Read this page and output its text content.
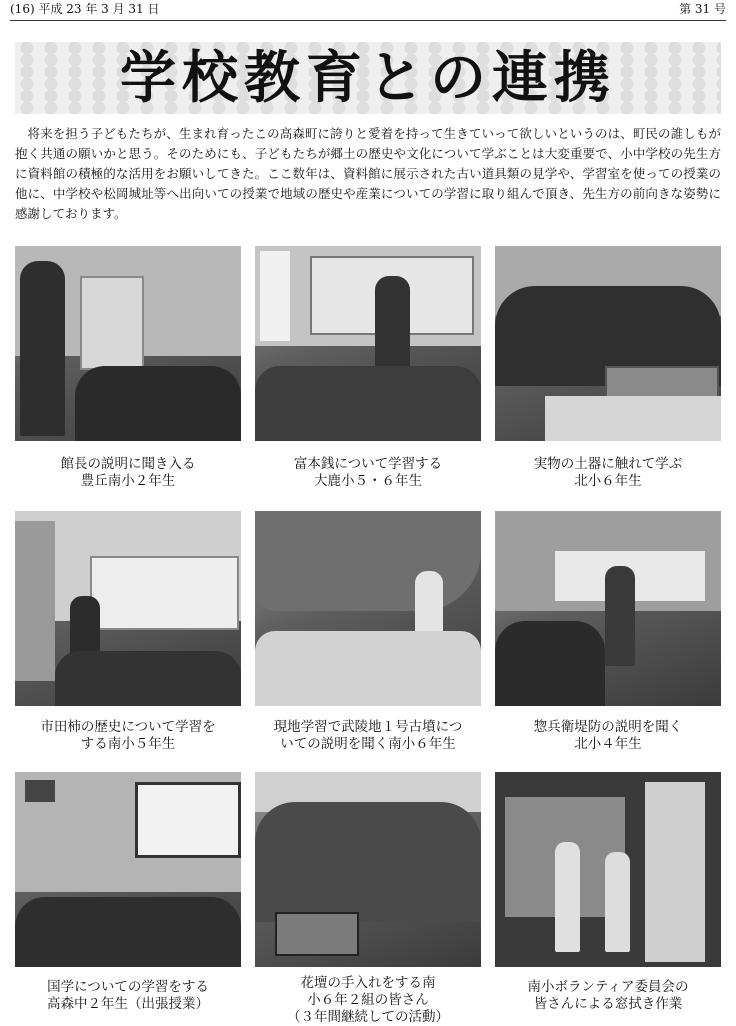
(16) 平成 23 年 3 月 31 日	第 31 号
学校教育との連携

将来を担う子どもたちが、生まれ育ったこの高森町に誇りと愛着を持って生きていって欲しいというのは、町民の誰しもが抱く共通の願いかと思う。そのためにも、子どもたちが郷土の歴史や文化について学ぶことは大変重要で、小中学校の先生方に資料館の積極的な活用をお願いしてきた。ここ数年は、資料館に展示された古い道具類の見学や、学習室を使っての授業の他に、中学校や松岡城址等へ出向いての授業で地域の歴史や産業についての学習に取り組んで頂き、先生方の前向きな姿勢に感謝しております。

館長の説明に聞き入る
豊丘南小２年生
富本銭について学習する
大鹿小５・６年生
実物の土器に触れて学ぶ
北小６年生
市田柿の歴史について学習を
する南小５年生
現地学習で武陵地１号古墳につ
いての説明を聞く南小６年生
惣兵衛堤防の説明を聞く
北小４年生
国学についての学習をする
高森中２年生（出張授業）
花壇の手入れをする南
小６年２組の皆さん
（３年間継続しての活動）
南小ボランティア委員会の
皆さんによる窓拭き作業
